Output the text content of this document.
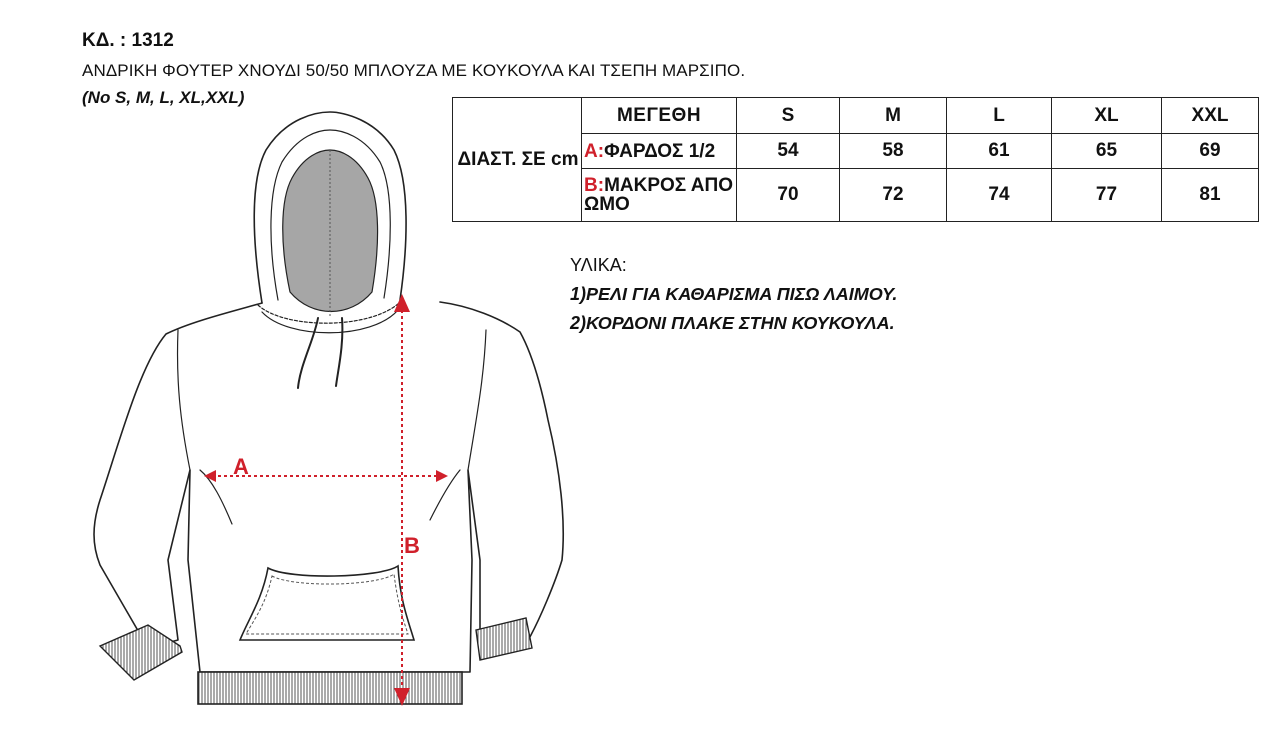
ΚΔ. : 1312
ΑΝΔΡΙΚΗ ΦΟΥΤΕΡ ΧΝΟΥΔΙ 50/50 ΜΠΛΟΥΖΑ ΜΕ ΚΟΥΚΟΥΛΑ ΚΑΙ ΤΣΕΠΗ ΜΑΡΣΙΠΟ.
(No S, M, L, XL,XXL)
ΔΙΑΣΤ. ΣΕ cm	ΜΕΓΕΘΗ	S	M	L	XL	XXL
	A:ΦΑΡΔΟΣ 1/2	54	58	61	65	69
	B:ΜΑΚΡΟΣ ΑΠΟ ΩΜΟ	70	72	74	77	81
ΥΛΙΚΑ:
1)ΡΕΛΙ ΓΙΑ ΚΑΘΑΡΙΣΜΑ ΠΙΣΩ ΛΑΙΜΟΥ.
2)ΚΟΡΔΟΝΙ ΠΛΑΚΕ ΣΤΗΝ ΚΟΥΚΟΥΛΑ.
A
B
